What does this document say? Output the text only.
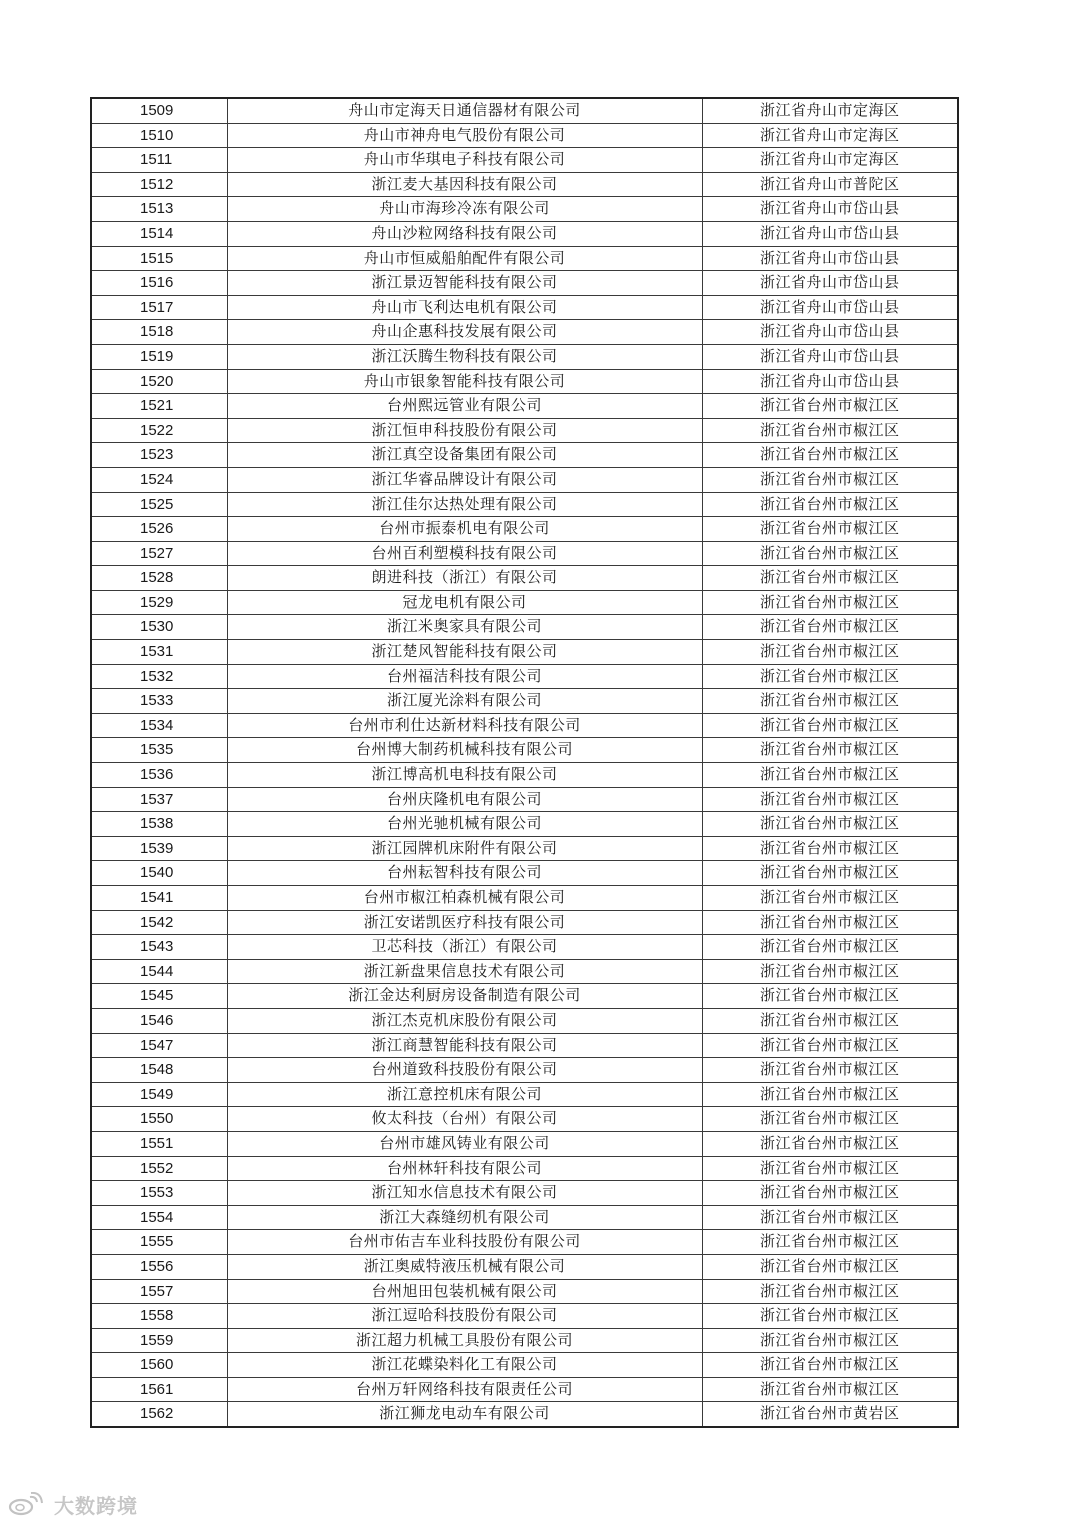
1509	舟山市定海天日通信器材有限公司	浙江省舟山市定海区
1510	舟山市神舟电气股份有限公司	浙江省舟山市定海区
1511	舟山市华琪电子科技有限公司	浙江省舟山市定海区
1512	浙江麦大基因科技有限公司	浙江省舟山市普陀区
1513	舟山市海珍冷冻有限公司	浙江省舟山市岱山县
1514	舟山沙粒网络科技有限公司	浙江省舟山市岱山县
1515	舟山市恒威船舶配件有限公司	浙江省舟山市岱山县
1516	浙江景迈智能科技有限公司	浙江省舟山市岱山县
1517	舟山市飞利达电机有限公司	浙江省舟山市岱山县
1518	舟山企惠科技发展有限公司	浙江省舟山市岱山县
1519	浙江沃腾生物科技有限公司	浙江省舟山市岱山县
1520	舟山市银象智能科技有限公司	浙江省舟山市岱山县
1521	台州熙远管业有限公司	浙江省台州市椒江区
1522	浙江恒申科技股份有限公司	浙江省台州市椒江区
1523	浙江真空设备集团有限公司	浙江省台州市椒江区
1524	浙江华睿品牌设计有限公司	浙江省台州市椒江区
1525	浙江佳尔达热处理有限公司	浙江省台州市椒江区
1526	台州市振泰机电有限公司	浙江省台州市椒江区
1527	台州百利塑模科技有限公司	浙江省台州市椒江区
1528	朗进科技（浙江）有限公司	浙江省台州市椒江区
1529	冠龙电机有限公司	浙江省台州市椒江区
1530	浙江米奥家具有限公司	浙江省台州市椒江区
1531	浙江楚风智能科技有限公司	浙江省台州市椒江区
1532	台州福洁科技有限公司	浙江省台州市椒江区
1533	浙江厦光涂料有限公司	浙江省台州市椒江区
1534	台州市利仕达新材料科技有限公司	浙江省台州市椒江区
1535	台州博大制药机械科技有限公司	浙江省台州市椒江区
1536	浙江博高机电科技有限公司	浙江省台州市椒江区
1537	台州庆隆机电有限公司	浙江省台州市椒江区
1538	台州光驰机械有限公司	浙江省台州市椒江区
1539	浙江园牌机床附件有限公司	浙江省台州市椒江区
1540	台州耘智科技有限公司	浙江省台州市椒江区
1541	台州市椒江柏森机械有限公司	浙江省台州市椒江区
1542	浙江安诺凯医疗科技有限公司	浙江省台州市椒江区
1543	卫芯科技（浙江）有限公司	浙江省台州市椒江区
1544	浙江新盘果信息技术有限公司	浙江省台州市椒江区
1545	浙江金达利厨房设备制造有限公司	浙江省台州市椒江区
1546	浙江杰克机床股份有限公司	浙江省台州市椒江区
1547	浙江商慧智能科技有限公司	浙江省台州市椒江区
1548	台州道致科技股份有限公司	浙江省台州市椒江区
1549	浙江意控机床有限公司	浙江省台州市椒江区
1550	攸太科技（台州）有限公司	浙江省台州市椒江区
1551	台州市雄风铸业有限公司	浙江省台州市椒江区
1552	台州林轩科技有限公司	浙江省台州市椒江区
1553	浙江知水信息技术有限公司	浙江省台州市椒江区
1554	浙江大森缝纫机有限公司	浙江省台州市椒江区
1555	台州市佑吉车业科技股份有限公司	浙江省台州市椒江区
1556	浙江奥威特液压机械有限公司	浙江省台州市椒江区
1557	台州旭田包装机械有限公司	浙江省台州市椒江区
1558	浙江逗哈科技股份有限公司	浙江省台州市椒江区
1559	浙江超力机械工具股份有限公司	浙江省台州市椒江区
1560	浙江花蝶染料化工有限公司	浙江省台州市椒江区
1561	台州万轩网络科技有限责任公司	浙江省台州市椒江区
1562	浙江狮龙电动车有限公司	浙江省台州市黄岩区
大数跨境
